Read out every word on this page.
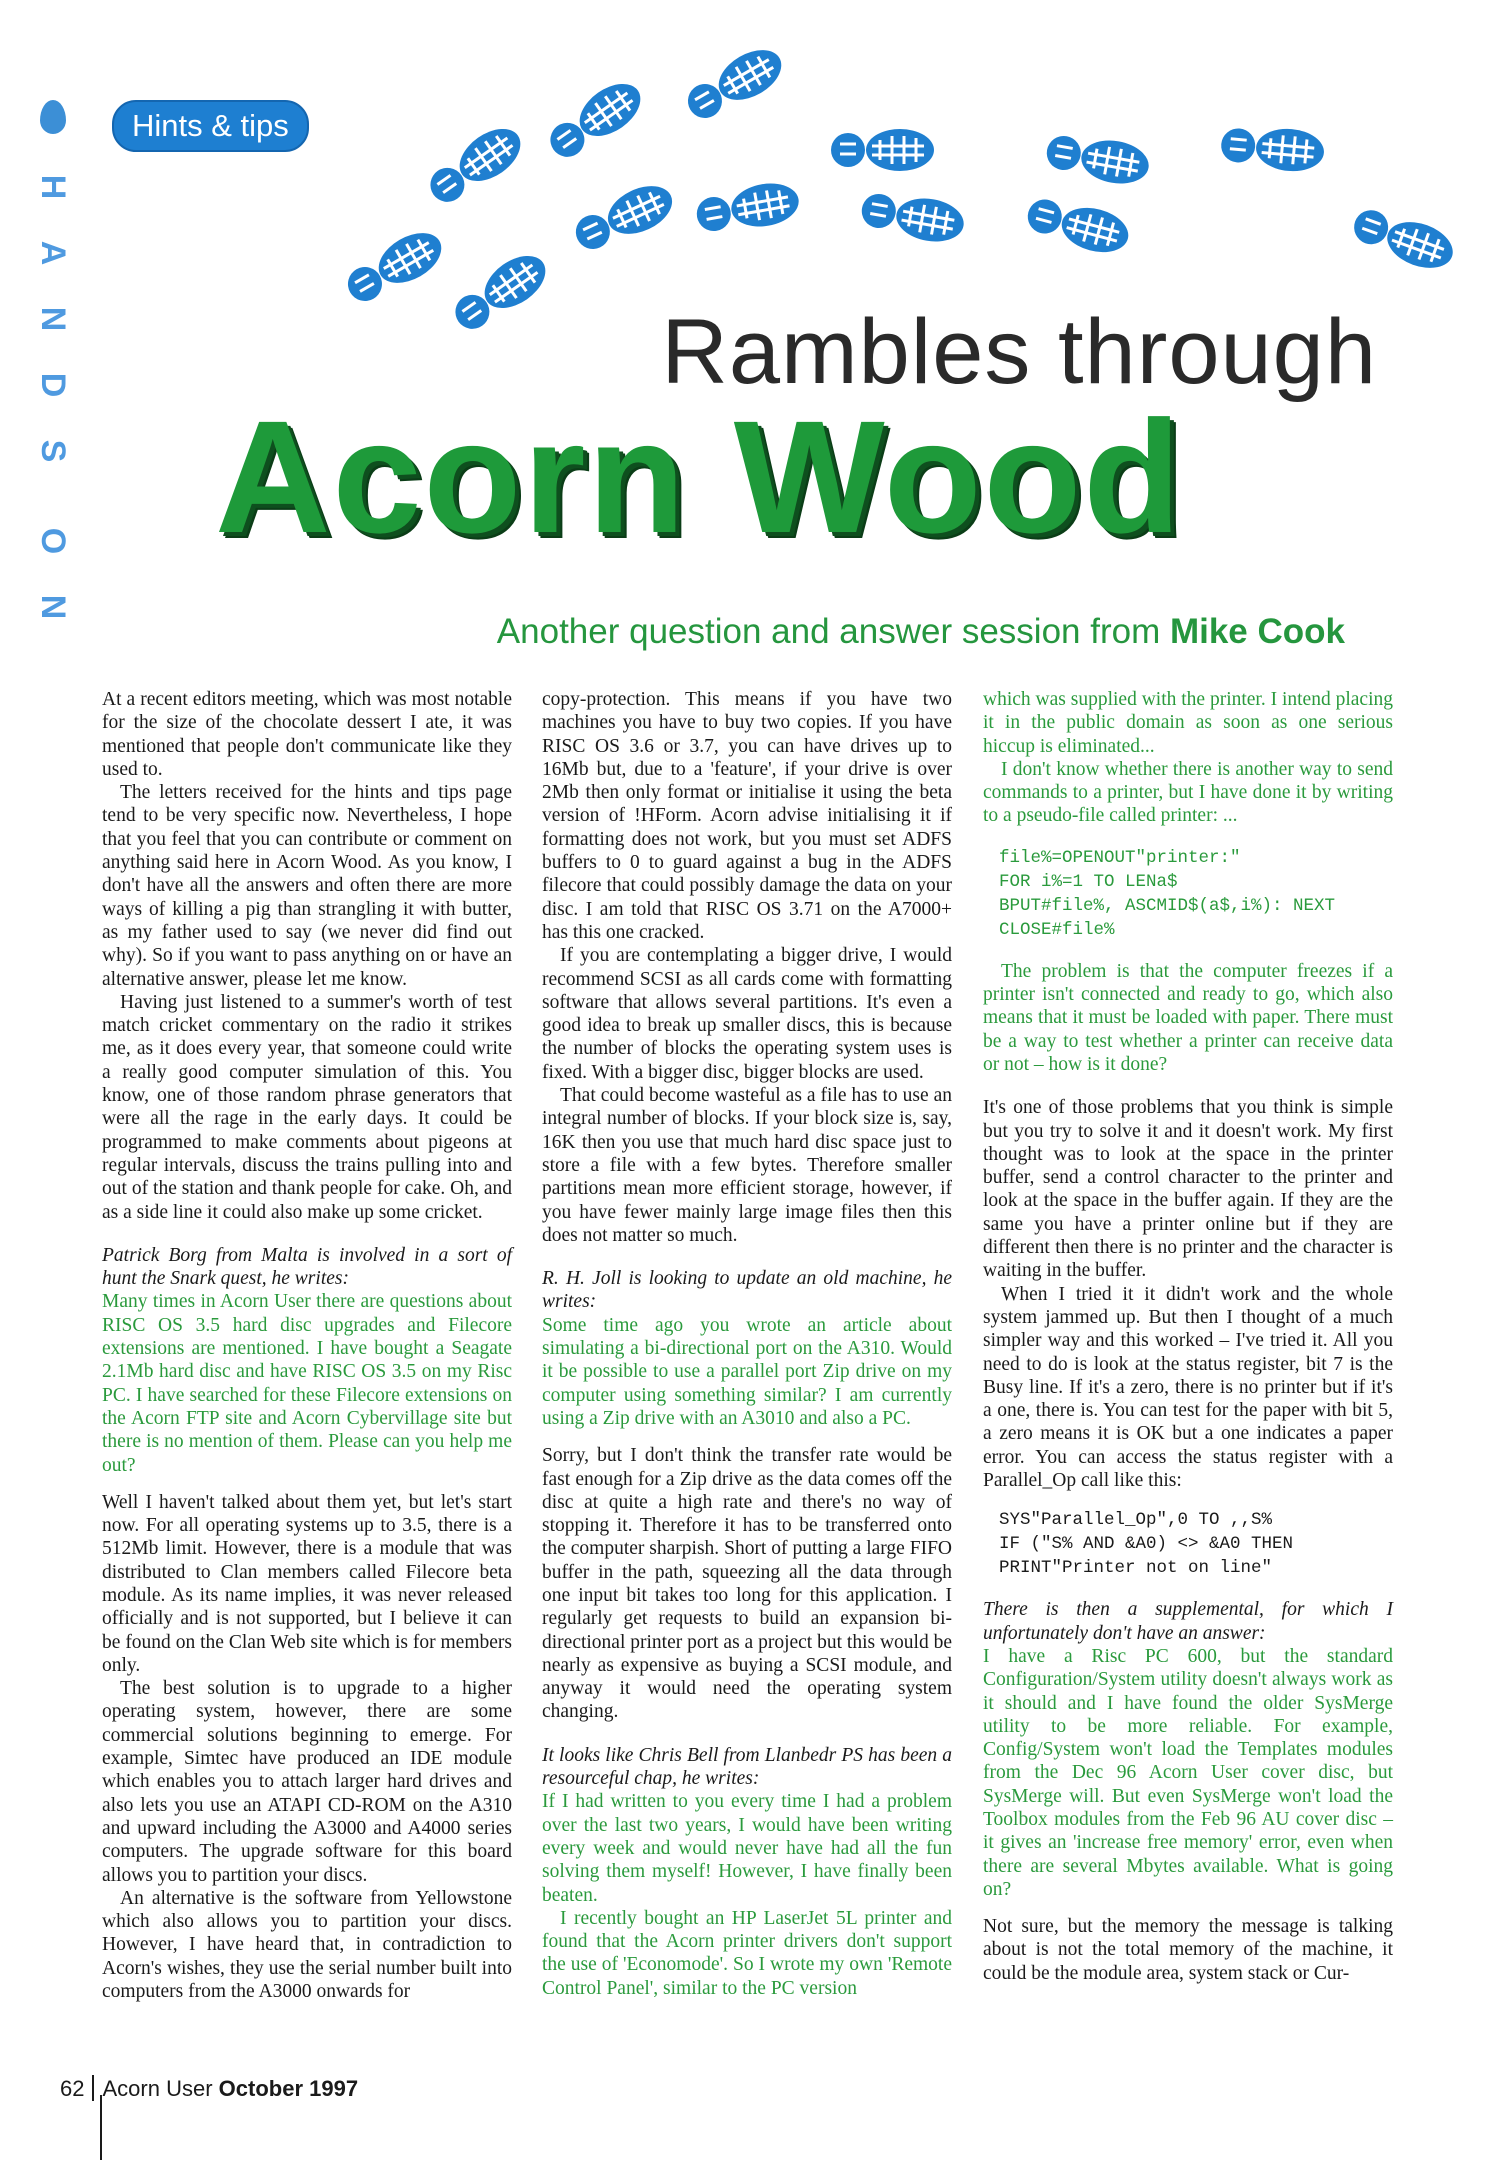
H
A
N
D
S
O
N
Hints & tips
Rambles through
Acorn Wood
Another question and answer session from Mike Cook

At a recent editors meeting, which was most notable for the size of the chocolate dessert I ate, it was mentioned that people don't communicate like they used to.

The letters received for the hints and tips page tend to be very specific now. Nevertheless, I hope that you feel that you can contribute or comment on anything said here in Acorn Wood. As you know, I don't have all the answers and often there are more ways of killing a pig than strangling it with butter, as my father used to say (we never did find out why). So if you want to pass anything on or have an alternative answer, please let me know.

Having just listened to a summer's worth of test match cricket commentary on the radio it strikes me, as it does every year, that someone could write a really good computer simulation of this. You know, one of those random phrase generators that were all the rage in the early days. It could be programmed to make comments about pigeons at regular intervals, discuss the trains pulling into and out of the station and thank people for cake. Oh, and as a side line it could also make up some cricket.

Patrick Borg from Malta is involved in a sort of hunt the Snark quest, he writes:

Many times in Acorn User there are questions about RISC OS 3.5 hard disc upgrades and Filecore extensions are mentioned. I have bought a Seagate 2.1Mb hard disc and have RISC OS 3.5 on my Risc PC. I have searched for these Filecore extensions on the Acorn FTP site and Acorn Cybervillage site but there is no mention of them. Please can you help me out?

Well I haven't talked about them yet, but let's start now. For all operating systems up to 3.5, there is a 512Mb limit. However, there is a module that was distributed to Clan members called Filecore beta module. As its name implies, it was never released officially and is not supported, but I believe it can be found on the Clan Web site which is for members only.

The best solution is to upgrade to a higher operating system, however, there are some commercial solutions beginning to emerge. For example, Simtec have produced an IDE module which enables you to attach larger hard drives and also lets you use an ATAPI CD-ROM on the A310 and upward including the A3000 and A4000 series computers. The upgrade software for this board allows you to partition your discs.

An alternative is the software from Yellowstone which also allows you to partition your discs. However, I have heard that, in contradiction to Acorn's wishes, they use the serial number built into computers from the A3000 onwards for

copy-protection. This means if you have two machines you have to buy two copies. If you have RISC OS 3.6 or 3.7, you can have drives up to 16Mb but, due to a 'feature', if your drive is over 2Mb then only format or initialise it using the beta version of !HForm. Acorn advise initialising it if formatting does not work, but you must set ADFS buffers to 0 to guard against a bug in the ADFS filecore that could possibly damage the data on your disc. I am told that RISC OS 3.71 on the A7000+ has this one cracked.

If you are contemplating a bigger drive, I would recommend SCSI as all cards come with formatting software that allows several partitions. It's even a good idea to break up smaller discs, this is because the number of blocks the operating system uses is fixed. With a bigger disc, bigger blocks are used.

That could become wasteful as a file has to use an integral number of blocks. If your block size is, say, 16K then you use that much hard disc space just to store a file with a few bytes. Therefore smaller partitions mean more efficient storage, however, if you have fewer mainly large image files then this does not matter so much.

R. H. Joll is looking to update an old machine, he writes:

Some time ago you wrote an article about simulating a bi-directional port on the A310. Would it be possible to use a parallel port Zip drive on my computer using something similar? I am currently using a Zip drive with an A3010 and also a PC.

Sorry, but I don't think the transfer rate would be fast enough for a Zip drive as the data comes off the disc at quite a high rate and there's no way of stopping it. Therefore it has to be transferred onto the computer sharpish. Short of putting a large FIFO buffer in the path, squeezing all the data through one input bit takes too long for this application. I regularly get requests to build an expansion bi-directional printer port as a project but this would be nearly as expensive as buying a SCSI module, and anyway it would need the operating system changing.

It looks like Chris Bell from Llanbedr PS has been a resourceful chap, he writes:

If I had written to you every time I had a problem over the last two years, I would have been writing every week and would never have had all the fun solving them myself! However, I have finally been beaten.

I recently bought an HP LaserJet 5L printer and found that the Acorn printer drivers don't support the use of 'Economode'. So I wrote my own 'Remote Control Panel', similar to the PC version

which was supplied with the printer. I intend placing it in the public domain as soon as one serious hiccup is eliminated...

I don't know whether there is another way to send commands to a printer, but I have done it by writing to a pseudo-file called printer: ...

file%=OPENOUT"printer:"
FOR i%=1 TO LENa$
BPUT#file%, ASCMID$(a$,i%): NEXT
CLOSE#file%

The problem is that the computer freezes if a printer isn't connected and ready to go, which also means that it must be loaded with paper. There must be a way to test whether a printer can receive data or not – how is it done?

It's one of those problems that you think is simple but you try to solve it and it doesn't work. My first thought was to look at the space in the printer buffer, send a control character to the printer and look at the space in the buffer again. If they are the same you have a printer online but if they are different then there is no printer and the character is waiting in the buffer.

When I tried it it didn't work and the whole system jammed up. But then I thought of a much simpler way and this worked – I've tried it. All you need to do is look at the status register, bit 7 is the Busy line. If it's a zero, there is no printer but if it's a one, there is. You can test for the paper with bit 5, a zero means it is OK but a one indicates a paper error. You can access the status register with a Parallel_Op call like this:

SYS"Parallel_Op",0 TO ,,S%
IF ("S% AND &A0) <> &A0 THEN
PRINT"Printer not on line"

There is then a supplemental, for which I unfortunately don't have an answer:

I have a Risc PC 600, but the standard Configuration/System utility doesn't always work as it should and I have found the older SysMerge utility to be more reliable. For example, Config/System won't load the Templates modules from the Dec 96 Acorn User cover disc, but SysMerge will. But even SysMerge won't load the Toolbox modules from the Feb 96 AU cover disc – it gives an 'increase free memory' error, even when there are several Mbytes available. What is going on?

Not sure, but the memory the message is talking about is not the total memory of the machine, it could be the module area, system stack or Cur-

62 Acorn User October 1997
